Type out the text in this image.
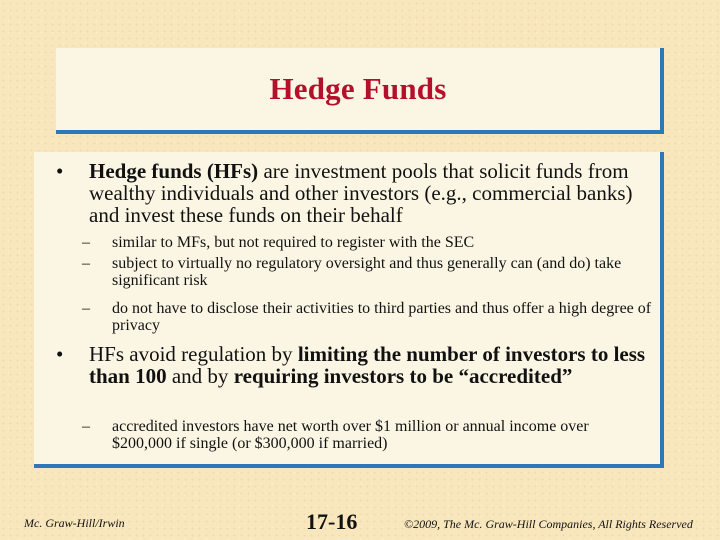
Hedge Funds
•	Hedge funds (HFs) are investment pools that solicit funds from wealthy individuals and other investors (e.g., commercial banks) and invest these funds on their behalf
–	similar to MFs, but not required to register with the SEC
–	subject to virtually no regulatory oversight and thus generally can (and do) take significant risk
–	do not have to disclose their activities to third parties and thus offer a high degree of privacy
•	HFs avoid regulation by limiting the number of investors to less than 100 and by requiring investors to be “accredited”
–	accredited investors have net worth over $1 million or annual income over $200,000 if single (or $300,000 if married)
Mc. Graw-Hill/Irwin	17-16	©2009, The Mc. Graw-Hill Companies, All Rights Reserved
